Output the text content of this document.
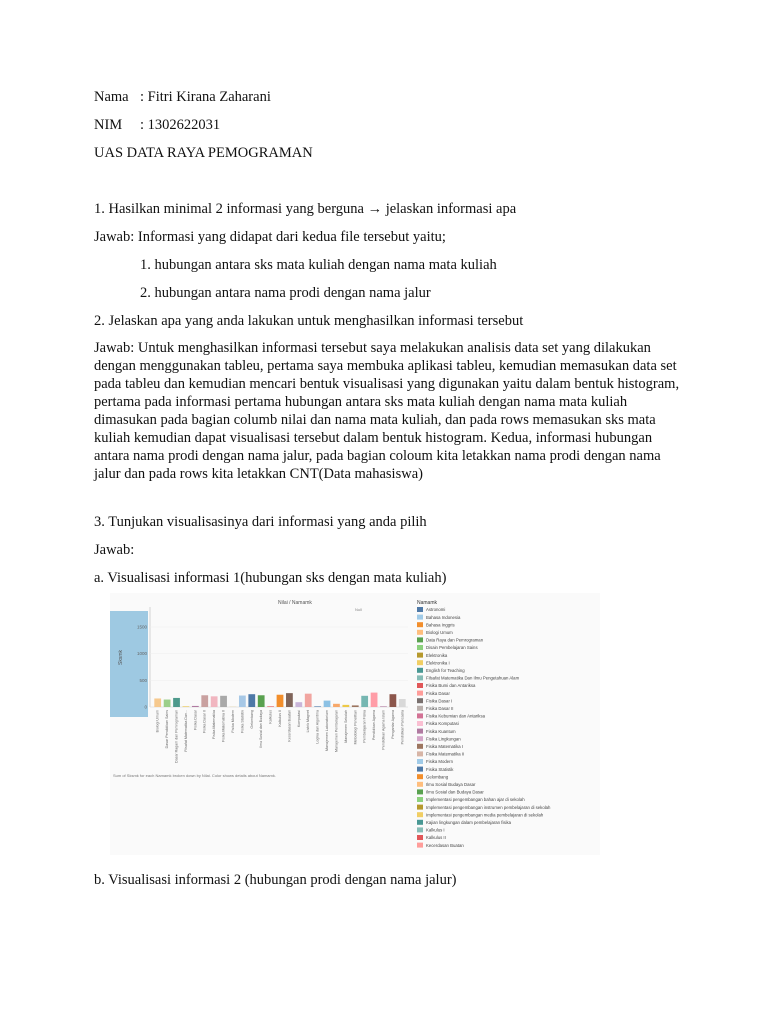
Nama : Fitri Kirana Zaharani
NIM : 1302622031
UAS DATA RAYA PEMOGRAMAN
1. Hasilkan minimal 2 informasi yang berguna → jelaskan informasi apa
Jawab: Informasi yang didapat dari kedua file tersebut yaitu;
1. hubungan antara sks mata kuliah dengan nama mata kuliah
2. hubungan antara nama prodi dengan nama jalur
2. Jelaskan apa yang anda lakukan untuk menghasilkan informasi tersebut
Jawab: Untuk menghasilkan informasi tersebut saya melakukan analisis data set yang dilakukan dengan menggunakan tableu, pertama saya membuka aplikasi tableu, kemudian memasukan data set pada tableu dan kemudian mencari bentuk visualisasi yang digunakan yaitu dalam bentuk histogram, pertama pada informasi pertama hubungan antara sks mata kuliah dengan nama mata kuliah dimasukan pada bagian columb nilai dan nama mata kuliah, dan pada rows memasukan sks mata kuliah kemudian dapat visualisasi tersebut dalam bentuk histogram. Kedua, informasi hubungan antara nama prodi dengan nama jalur, pada bagian coloum kita letakkan nama prodi dengan nama jalur dan pada rows kita letakkan CNT(Data mahasiswa)
3. Tunjukan visualisasinya dari informasi yang anda pilih
Jawab:
a. Visualisasi informasi 1(hubungan sks dengan mata kuliah)
Nilai / Namamk
Null
Sksmk
Sum of Sksmk for each Namamk broken down by Nilai. Color shows details about Namamk.
Namamk
0
500
1000
1500
Biologi Umum Dasar Pendidikan Sains Dasar Ragam dan Pemrograman Filsafat Matematika Dan... Fisika Dasar Fisika Dasar II Fisika Matematika Fisika Matematika II Fisika Modern Fisika Statistik Gelombang Ilmu Sosial dan Budaya Kalkulus Kalkulus II Kecerdasan Buatan Komputasi Listrik Magnet Logika dan Algoritma Manajemen Laboratorium Manajemen Pembelajaran Manajemen Sekolah Metodologi Penelitian Pembelajaran Fisika Pendidikan Agama Pendidikan Agama Islam Pengantar Agama Pendidikan Pancasila
Astronomi
Bahasa Indonesia
Bahasa Inggris
Biologi Umum
Data Raya dan Pemrograman
Disain Pembelajaran Sains
Elektronika
Elektronika I
English for Teaching
Filsafat Matematika Dan Ilmu Pengetahuan Alam
Fisika Bumi dan Antariksa
Fisika Dasar
Fisika Dasar I
Fisika Dasar II
Fisika Kebumian dan Antariksa
Fisika Komputasi
Fisika Kuantum
Fisika Lingkungan
Fisika Matematika I
Fisika Matematika II
Fisika Modern
Fisika Statistik
Gelombang
Ilmu Sosial Budaya Dasar
Ilmu Sosial dan Budaya Dasar
Implementasi pengembangan bahan ajar di sekolah
Implementasi pengembangan instrumen pembelajaran di sekolah
Implementasi pengembangan media pembelajaran di sekolah
Kajian lingkungan dalam pembelajaran fisika
Kalkulus I
Kalkulus II
Kecerdasan Buatan
b. Visualisasi informasi 2 (hubungan prodi dengan nama jalur)
